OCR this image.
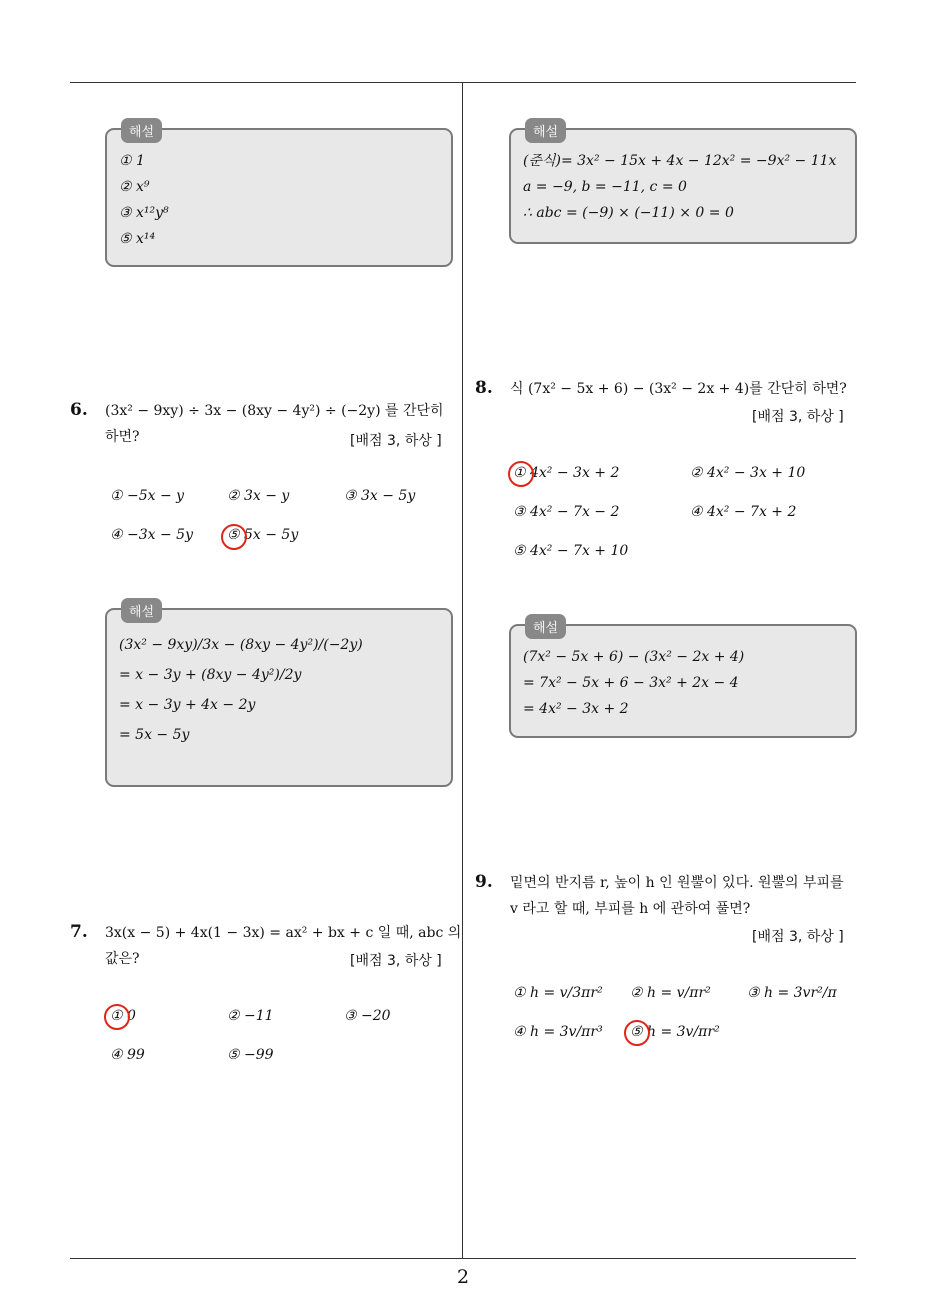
해설
① 1
② x⁹
③ x¹²y⁸
⑤ x¹⁴
해설
(준식)= 3x² − 15x + 4x − 12x² = −9x² − 11x
a = −9, b = −11, c = 0
∴ abc = (−9) × (−11) × 0 = 0
6. (3x² − 9xy) ÷ 3x − (8xy − 4y²) ÷ (−2y) 를 간단히
하면?	[배점 3, 하상 ]
① −5x − y	② 3x − y	③ 3x − 5y
④ −3x − 5y ⑤ 5x − 5y
해설
(3x² − 9xy)/3x − (8xy − 4y²)/(−2y)
= x − 3y + (8xy − 4y²)/2y
= x − 3y + 4x − 2y
= 5x − 5y
7. 3x(x − 5) + 4x(1 − 3x) = ax² + bx + c 일 때, abc 의
값은?	[배점 3, 하상 ]
① 0	② −11	③ −20
④ 99	⑤ −99
8. 식 (7x² − 5x + 6) − (3x² − 2x + 4)를 간단히 하면?
[배점 3, 하상 ]
① 4x² − 3x + 2	② 4x² − 3x + 10
③ 4x² − 7x − 2	④ 4x² − 7x + 2
⑤ 4x² − 7x + 10
해설
(7x² − 5x + 6) − (3x² − 2x + 4)
= 7x² − 5x + 6 − 3x² + 2x − 4
= 4x² − 3x + 2
9. 밑면의 반지름 r, 높이 h 인 원뿔이 있다. 원뿔의 부피를
v 라고 할 때, 부피를 h 에 관하여 풀면?
[배점 3, 하상 ]
① h = v/3πr² ② h = v/πr²	③ h = 3vr²/π
④ h = 3v/πr³ ⑤ h = 3v/πr²
2
